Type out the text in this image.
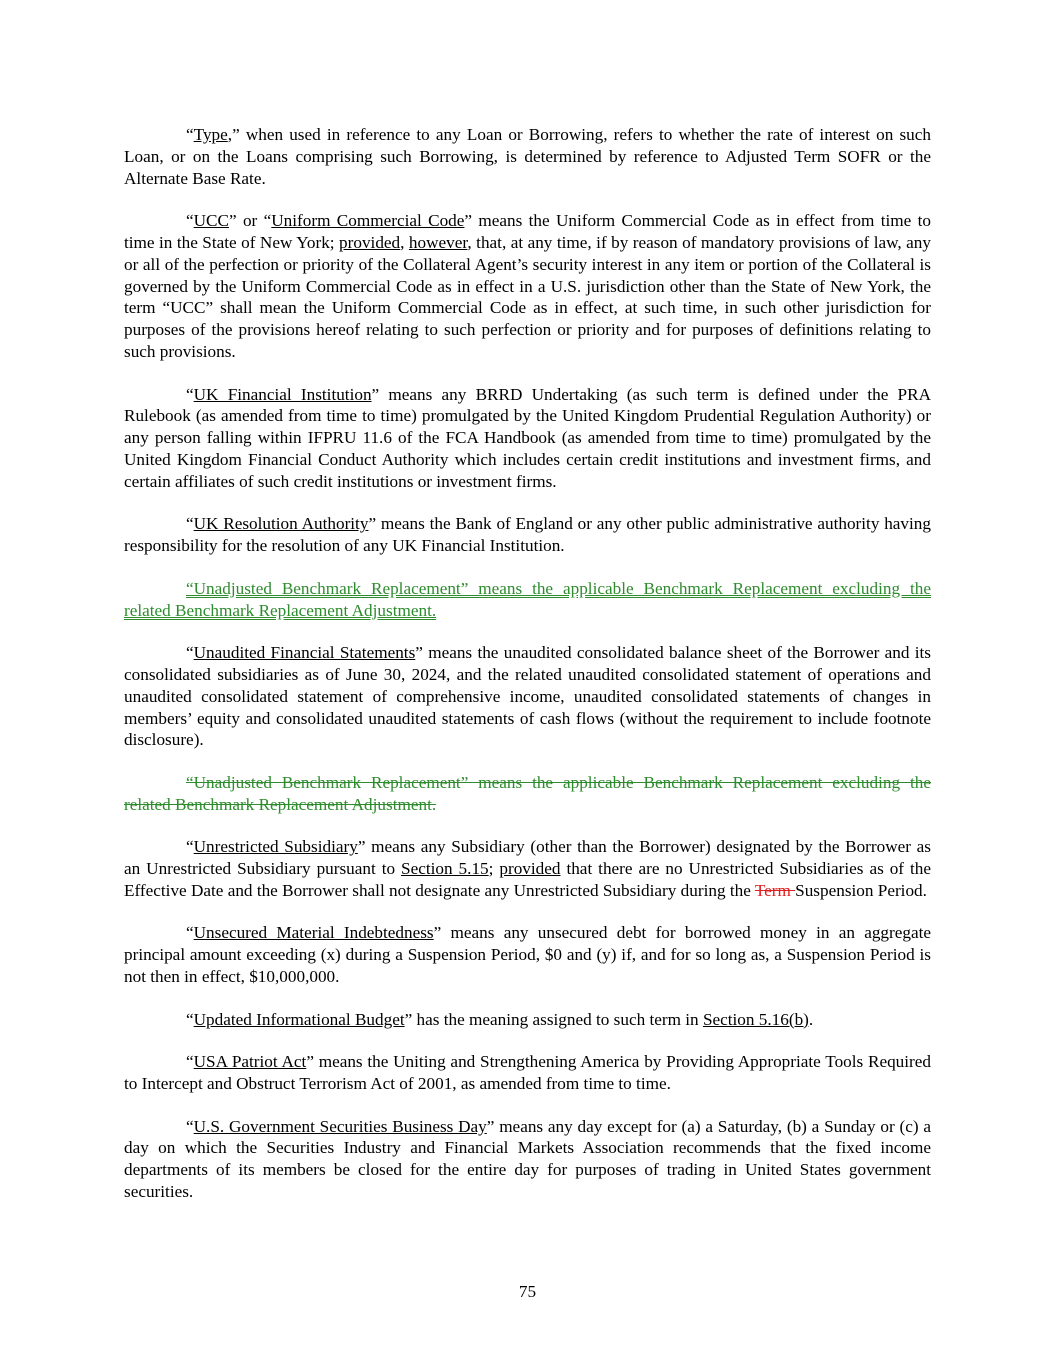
“Type,” when used in reference to any Loan or Borrowing, refers to whether the rate of interest on such Loan, or on the Loans comprising such Borrowing, is determined by reference to Adjusted Term SOFR or the Alternate Base Rate.

“UCC” or “Uniform Commercial Code” means the Uniform Commercial Code as in effect from time to time in the State of New York; provided, however, that, at any time, if by reason of mandatory provisions of law, any or all of the perfection or priority of the Collateral Agent’s security interest in any item or portion of the Collateral is governed by the Uniform Commercial Code as in effect in a U.S. jurisdiction other than the State of New York, the term “UCC” shall mean the Uniform Commercial Code as in effect, at such time, in such other jurisdiction for purposes of the provisions hereof relating to such perfection or priority and for purposes of definitions relating to such provisions.

“UK Financial Institution” means any BRRD Undertaking (as such term is defined under the PRA Rulebook (as amended from time to time) promulgated by the United Kingdom Prudential Regulation Authority) or any person falling within IFPRU 11.6 of the FCA Handbook (as amended from time to time) promulgated by the United Kingdom Financial Conduct Authority which includes certain credit institutions and investment firms, and certain affiliates of such credit institutions or investment firms.

“UK Resolution Authority” means the Bank of England or any other public administrative authority having responsibility for the resolution of any UK Financial Institution.

“Unadjusted Benchmark Replacement” means the applicable Benchmark Replacement excluding the related Benchmark Replacement Adjustment.

“Unaudited Financial Statements” means the unaudited consolidated balance sheet of the Borrower and its consolidated subsidiaries as of June 30, 2024, and the related unaudited consolidated statement of operations and unaudited consolidated statement of comprehensive income, unaudited consolidated statements of changes in members’ equity and consolidated unaudited statements of cash flows (without the requirement to include footnote disclosure).

“Unadjusted Benchmark Replacement” means the applicable Benchmark Replacement excluding the related Benchmark Replacement Adjustment.

“Unrestricted Subsidiary” means any Subsidiary (other than the Borrower) designated by the Borrower as an Unrestricted Subsidiary pursuant to Section 5.15; provided that there are no Unrestricted Subsidiaries as of the Effective Date and the Borrower shall not designate any Unrestricted Subsidiary during the Term Suspension Period.

“Unsecured Material Indebtedness” means any unsecured debt for borrowed money in an aggregate principal amount exceeding (x) during a Suspension Period, $0 and (y) if, and for so long as, a Suspension Period is not then in effect, $10,000,000.

“Updated Informational Budget” has the meaning assigned to such term in Section 5.16(b).

“USA Patriot Act” means the Uniting and Strengthening America by Providing Appropriate Tools Required to Intercept and Obstruct Terrorism Act of 2001, as amended from time to time.

“U.S. Government Securities Business Day” means any day except for (a) a Saturday, (b) a Sunday or (c) a day on which the Securities Industry and Financial Markets Association recommends that the fixed income departments of its members be closed for the entire day for purposes of trading in United States government securities.

75
